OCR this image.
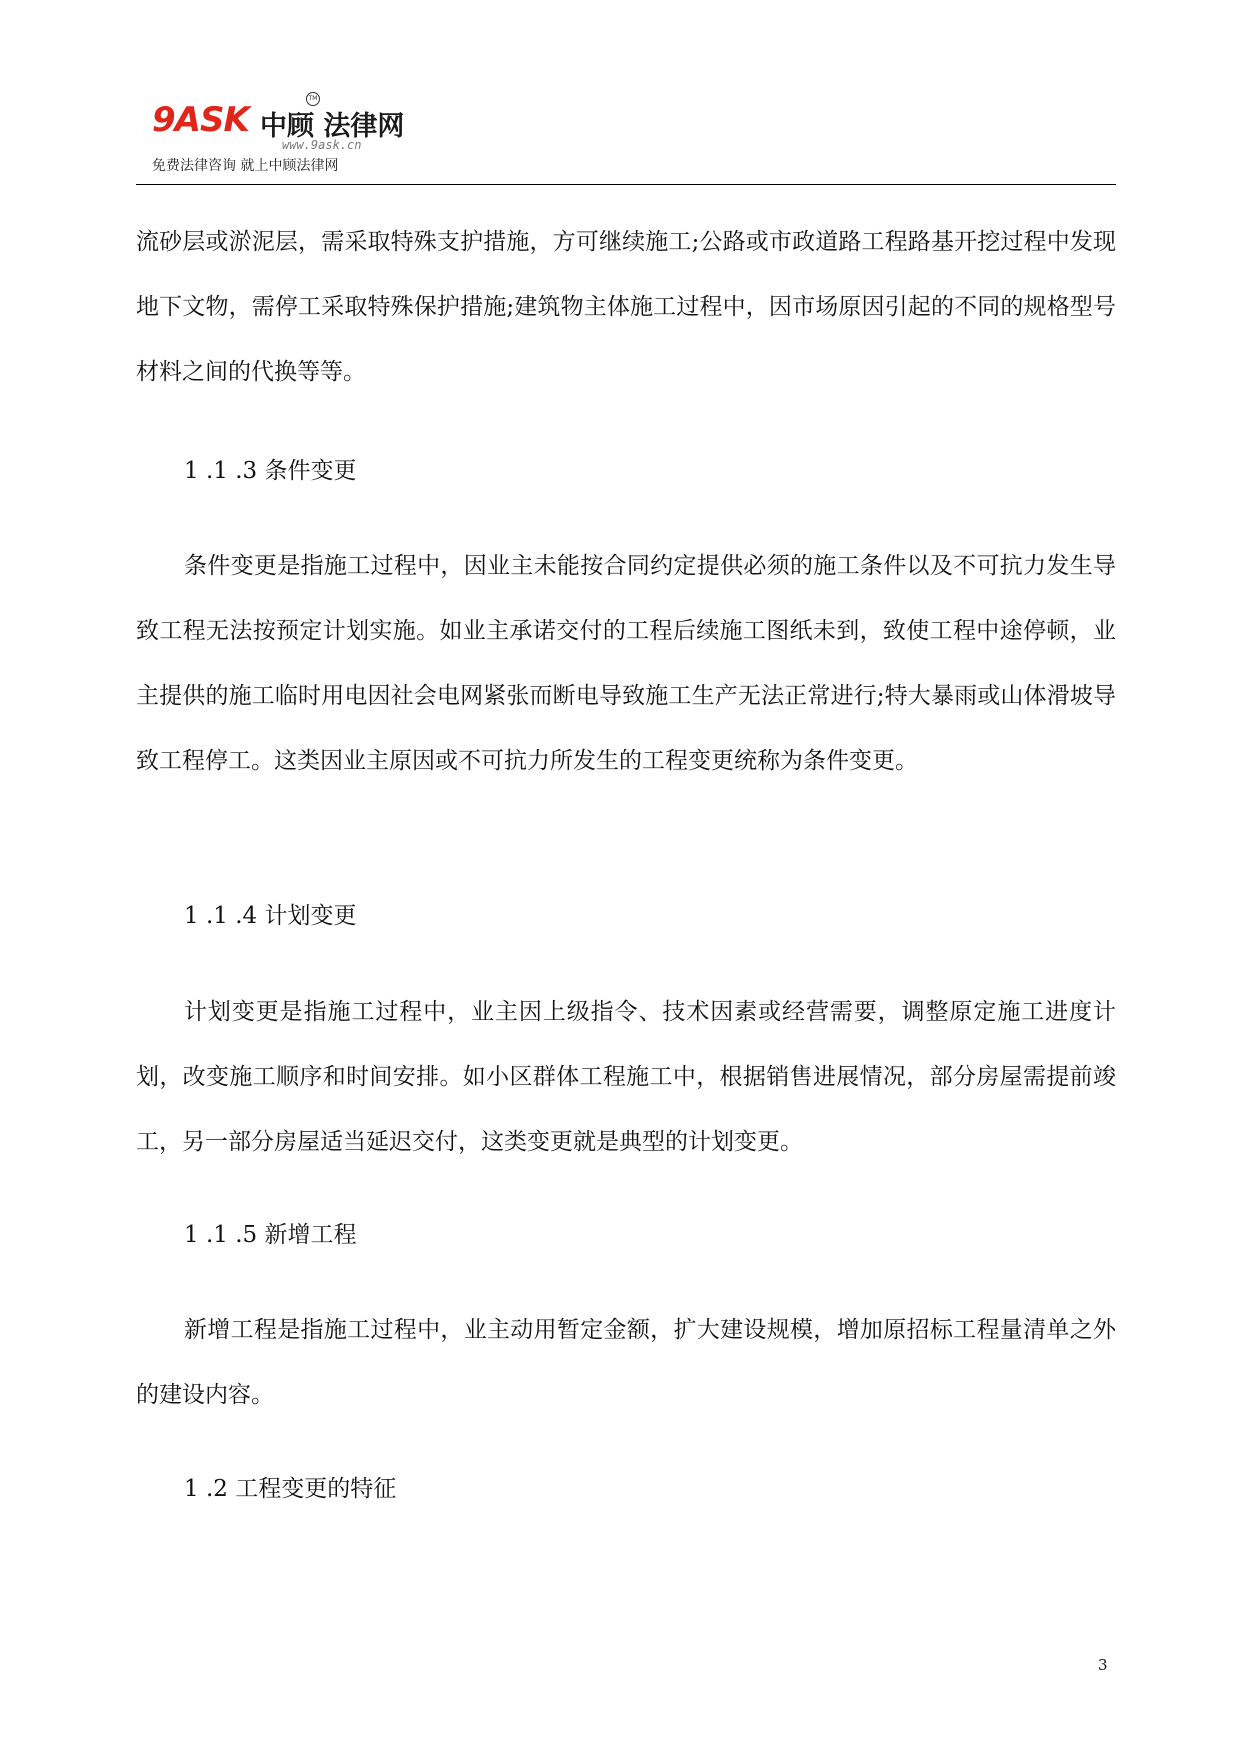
9ASK 中顾 法律网
TM
www.9ask.cn
免费法律咨询 就上中顾法律网

流砂层或淤泥层，需采取特殊支护措施，方可继续施工;公路或市政道路工程路基开挖过程中发现地下文物，需停工采取特殊保护措施;建筑物主体施工过程中，因市场原因引起的不同的规格型号材料之间的代换等等。

1 .1 .3 条件变更

条件变更是指施工过程中，因业主未能按合同约定提供必须的施工条件以及不可抗力发生导致工程无法按预定计划实施。如业主承诺交付的工程后续施工图纸未到，致使工程中途停顿，业主提供的施工临时用电因社会电网紧张而断电导致施工生产无法正常进行;特大暴雨或山体滑坡导致工程停工。这类因业主原因或不可抗力所发生的工程变更统称为条件变更。

1 .1 .4 计划变更

计划变更是指施工过程中，业主因上级指令、技术因素或经营需要，调整原定施工进度计划，改变施工顺序和时间安排。如小区群体工程施工中，根据销售进展情况，部分房屋需提前竣工，另一部分房屋适当延迟交付，这类变更就是典型的计划变更。

1 .1 .5 新增工程

新增工程是指施工过程中，业主动用暂定金额，扩大建设规模，增加原招标工程量清单之外的建设内容。

1 .2 工程变更的特征

3
